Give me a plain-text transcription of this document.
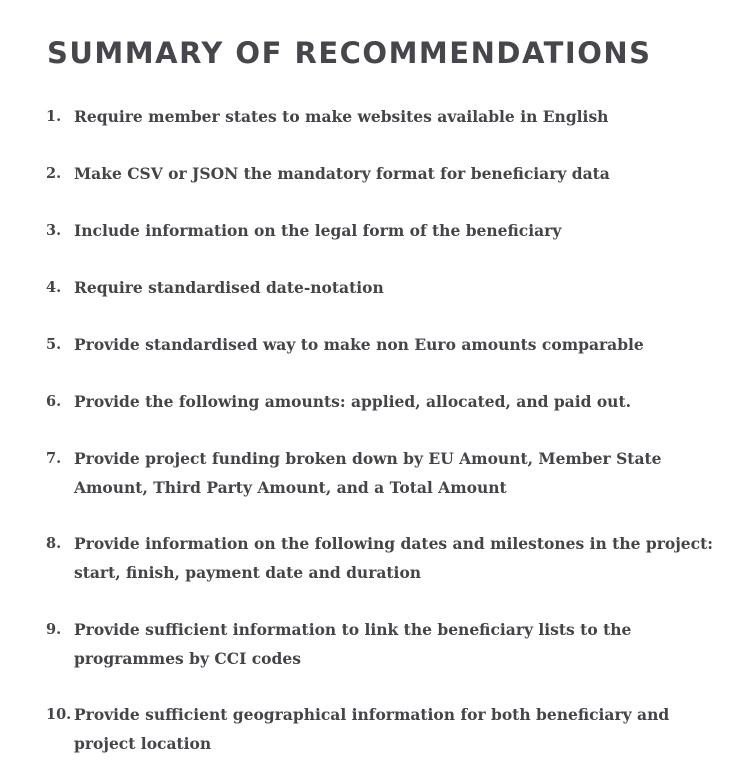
SUMMARY OF RECOMMENDATIONS
1. Require member states to make websites available in English
2. Make CSV or JSON the mandatory format for beneficiary data
3. Include information on the legal form of the beneficiary
4. Require standardised date-notation
5. Provide standardised way to make non Euro amounts comparable
6. Provide the following amounts: applied, allocated, and paid out.
7. Provide project funding broken down by EU Amount, Member State Amount, Third Party Amount, and a Total Amount
8. Provide information on the following dates and milestones in the project: start, finish, payment date and duration
9. Provide sufficient information to link the beneficiary lists to the programmes by CCI codes
10. Provide sufficient geographical information for both beneficiary and project location
